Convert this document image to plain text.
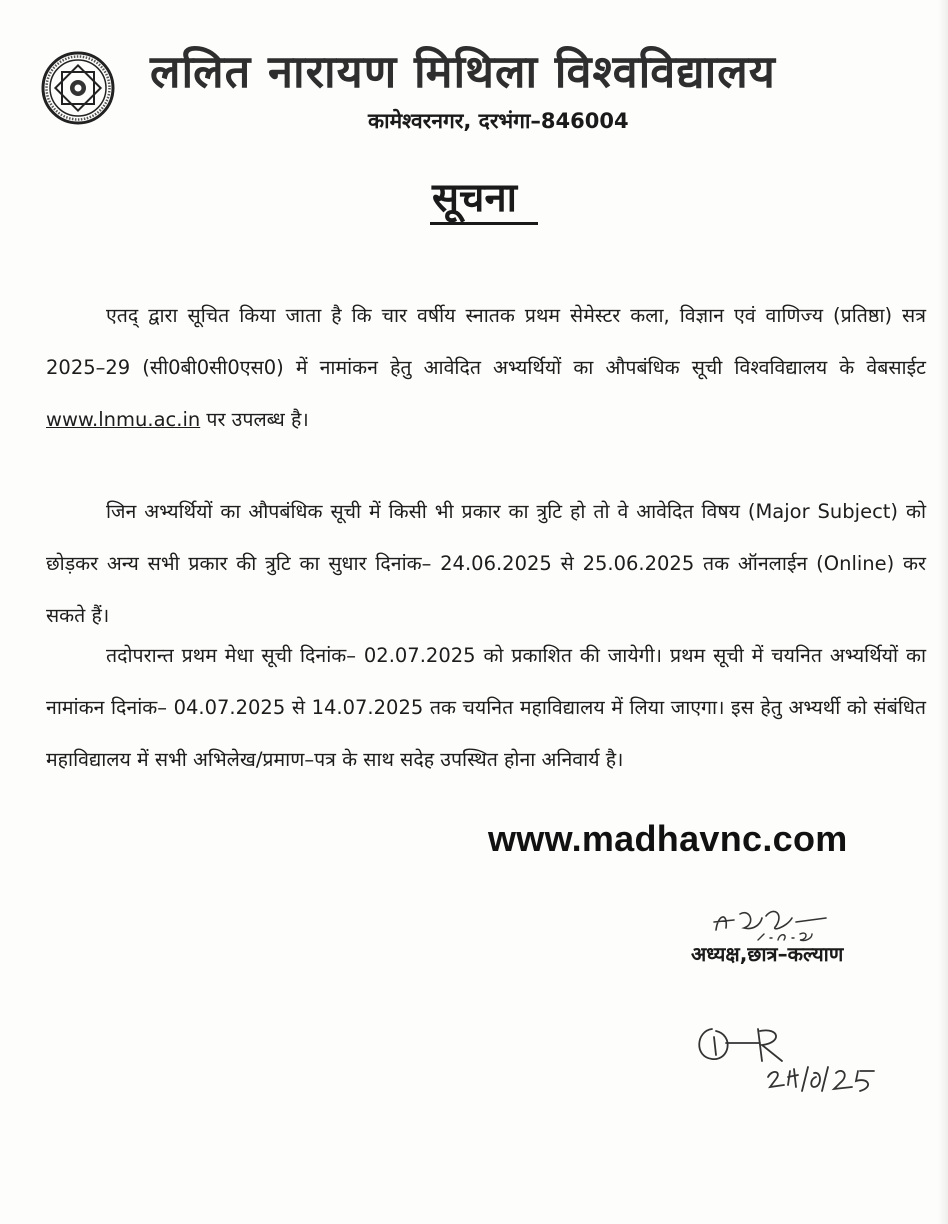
ललित नारायण मिथिला विश्वविद्यालय
कामेश्वरनगर, दरभंगा–846004
सूचना
एतद् द्वारा सूचित किया जाता है कि चार वर्षीय स्नातक प्रथम सेमेस्टर कला, विज्ञान एवं वाणिज्य (प्रतिष्ठा) सत्र 2025–29 (सी0बी0सी0एस0) में नामांकन हेतु आवेदित अभ्यर्थियों का औपबंधिक सूची विश्वविद्यालय के वेबसाईट www.lnmu.ac.in पर उपलब्ध है।
जिन अभ्यर्थियों का औपबंधिक सूची में किसी भी प्रकार का त्रुटि हो तो वे आवेदित विषय (Major Subject) को छोड़कर अन्य सभी प्रकार की त्रुटि का सुधार दिनांक– 24.06.2025 से 25.06.2025 तक ऑनलाईन (Online) कर सकते हैं।
तदोपरान्त प्रथम मेधा सूची दिनांक– 02.07.2025 को प्रकाशित की जायेगी। प्रथम सूची में चयनित अभ्यर्थियों का नामांकन दिनांक– 04.07.2025 से 14.07.2025 तक चयनित महाविद्यालय में लिया जाएगा। इस हेतु अभ्यर्थी को संबंधित महाविद्यालय में सभी अभिलेख/प्रमाण–पत्र के साथ सदेह उपस्थित होना अनिवार्य है।
www.madhavnc.com
अध्यक्ष,छात्र–कल्याण
